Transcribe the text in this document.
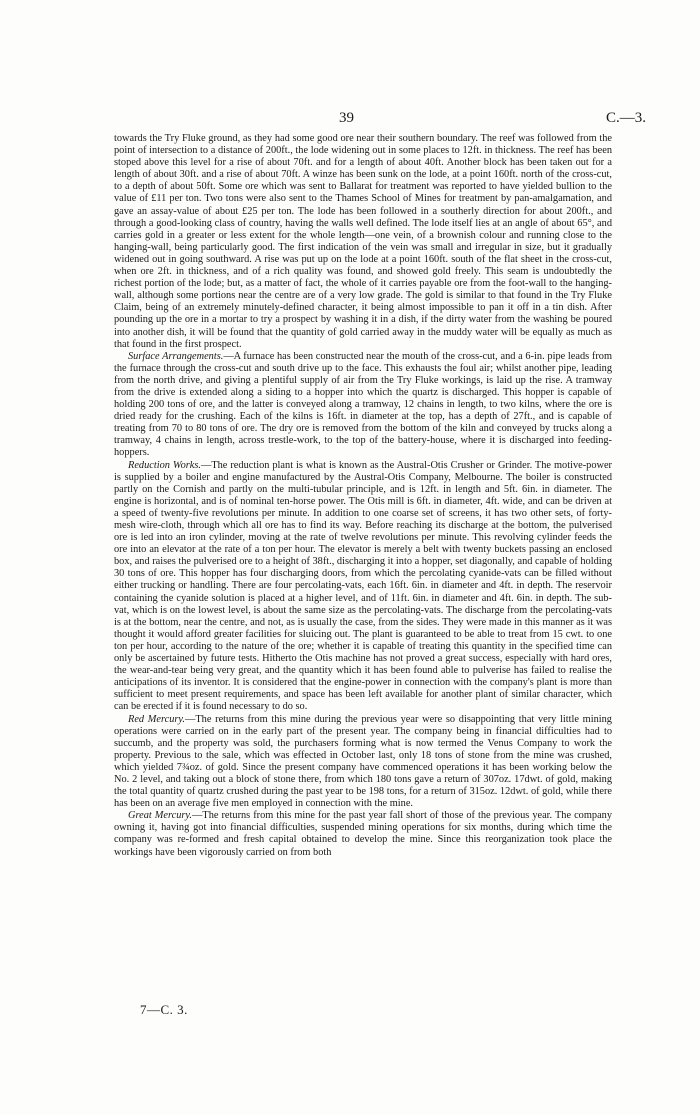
39	C.—3.

towards the Try Fluke ground, as they had some good ore near their southern boundary. The reef was followed from the point of intersection to a distance of 200ft., the lode widening out in some places to 12ft. in thickness. The reef has been stoped above this level for a rise of about 70ft. and for a length of about 40ft. Another block has been taken out for a length of about 30ft. and a rise of about 70ft. A winze has been sunk on the lode, at a point 160ft. north of the cross-cut, to a depth of about 50ft. Some ore which was sent to Ballarat for treatment was reported to have yielded bullion to the value of £11 per ton. Two tons were also sent to the Thames School of Mines for treatment by pan-amalgamation, and gave an assay-value of about £25 per ton. The lode has been followed in a southerly direction for about 200ft., and through a good-looking class of country, having the walls well defined. The lode itself lies at an angle of about 65°, and carries gold in a greater or less extent for the whole length—one vein, of a brownish colour and running close to the hanging-wall, being particularly good. The first indication of the vein was small and irregular in size, but it gradually widened out in going southward. A rise was put up on the lode at a point 160ft. south of the flat sheet in the cross-cut, when ore 2ft. in thickness, and of a rich quality was found, and showed gold freely. This seam is undoubtedly the richest portion of the lode; but, as a matter of fact, the whole of it carries payable ore from the foot-wall to the hanging-wall, although some portions near the centre are of a very low grade. The gold is similar to that found in the Try Fluke Claim, being of an extremely minutely-defined character, it being almost impossible to pan it off in a tin dish. After pounding up the ore in a mortar to try a prospect by washing it in a dish, if the dirty water from the washing be poured into another dish, it will be found that the quantity of gold carried away in the muddy water will be equally as much as that found in the first prospect.

Surface Arrangements.—A furnace has been constructed near the mouth of the cross-cut, and a 6-in. pipe leads from the furnace through the cross-cut and south drive up to the face. This exhausts the foul air; whilst another pipe, leading from the north drive, and giving a plentiful supply of air from the Try Fluke workings, is laid up the rise. A tramway from the drive is extended along a siding to a hopper into which the quartz is discharged. This hopper is capable of holding 200 tons of ore, and the latter is conveyed along a tramway, 12 chains in length, to two kilns, where the ore is dried ready for the crushing. Each of the kilns is 16ft. in diameter at the top, has a depth of 27ft., and is capable of treating from 70 to 80 tons of ore. The dry ore is removed from the bottom of the kiln and conveyed by trucks along a tramway, 4 chains in length, across trestle-work, to the top of the battery-house, where it is discharged into feeding-hoppers.

Reduction Works.—The reduction plant is what is known as the Austral-Otis Crusher or Grinder. The motive-power is supplied by a boiler and engine manufactured by the Austral-Otis Company, Melbourne. The boiler is constructed partly on the Cornish and partly on the multi-tubular principle, and is 12ft. in length and 5ft. 6in. in diameter. The engine is horizontal, and is of nominal ten-horse power. The Otis mill is 6ft. in diameter, 4ft. wide, and can be driven at a speed of twenty-five revolutions per minute. In addition to one coarse set of screens, it has two other sets, of forty-mesh wire-cloth, through which all ore has to find its way. Before reaching its discharge at the bottom, the pulverised ore is led into an iron cylinder, moving at the rate of twelve revolutions per minute. This revolving cylinder feeds the ore into an elevator at the rate of a ton per hour. The elevator is merely a belt with twenty buckets passing an enclosed box, and raises the pulverised ore to a height of 38ft., discharging it into a hopper, set diagonally, and capable of holding 30 tons of ore. This hopper has four discharging doors, from which the percolating cyanide-vats can be filled without either trucking or handling. There are four percolating-vats, each 16ft. 6in. in diameter and 4ft. in depth. The reservoir containing the cyanide solution is placed at a higher level, and of 11ft. 6in. in diameter and 4ft. 6in. in depth. The sub-vat, which is on the lowest level, is about the same size as the percolating-vats. The discharge from the percolating-vats is at the bottom, near the centre, and not, as is usually the case, from the sides. They were made in this manner as it was thought it would afford greater facilities for sluicing out. The plant is guaranteed to be able to treat from 15 cwt. to one ton per hour, according to the nature of the ore; whether it is capable of treating this quantity in the specified time can only be ascertained by future tests. Hitherto the Otis machine has not proved a great success, especially with hard ores, the wear-and-tear being very great, and the quantity which it has been found able to pulverise has failed to realise the anticipations of its inventor. It is considered that the engine-power in connection with the company's plant is more than sufficient to meet present requirements, and space has been left available for another plant of similar character, which can be erected if it is found necessary to do so.

Red Mercury.—The returns from this mine during the previous year were so disappointing that very little mining operations were carried on in the early part of the present year. The company being in financial difficulties had to succumb, and the property was sold, the purchasers forming what is now termed the Venus Company to work the property. Previous to the sale, which was effected in October last, only 18 tons of stone from the mine was crushed, which yielded 7¾oz. of gold. Since the present company have commenced operations it has been working below the No. 2 level, and taking out a block of stone there, from which 180 tons gave a return of 307oz. 17dwt. of gold, making the total quantity of quartz crushed during the past year to be 198 tons, for a return of 315oz. 12dwt. of gold, while there has been on an average five men employed in connection with the mine.

Great Mercury.—The returns from this mine for the past year fall short of those of the previous year. The company owning it, having got into financial difficulties, suspended mining operations for six months, during which time the company was re-formed and fresh capital obtained to develop the mine. Since this reorganization took place the workings have been vigorously carried on from both

7—C. 3.
